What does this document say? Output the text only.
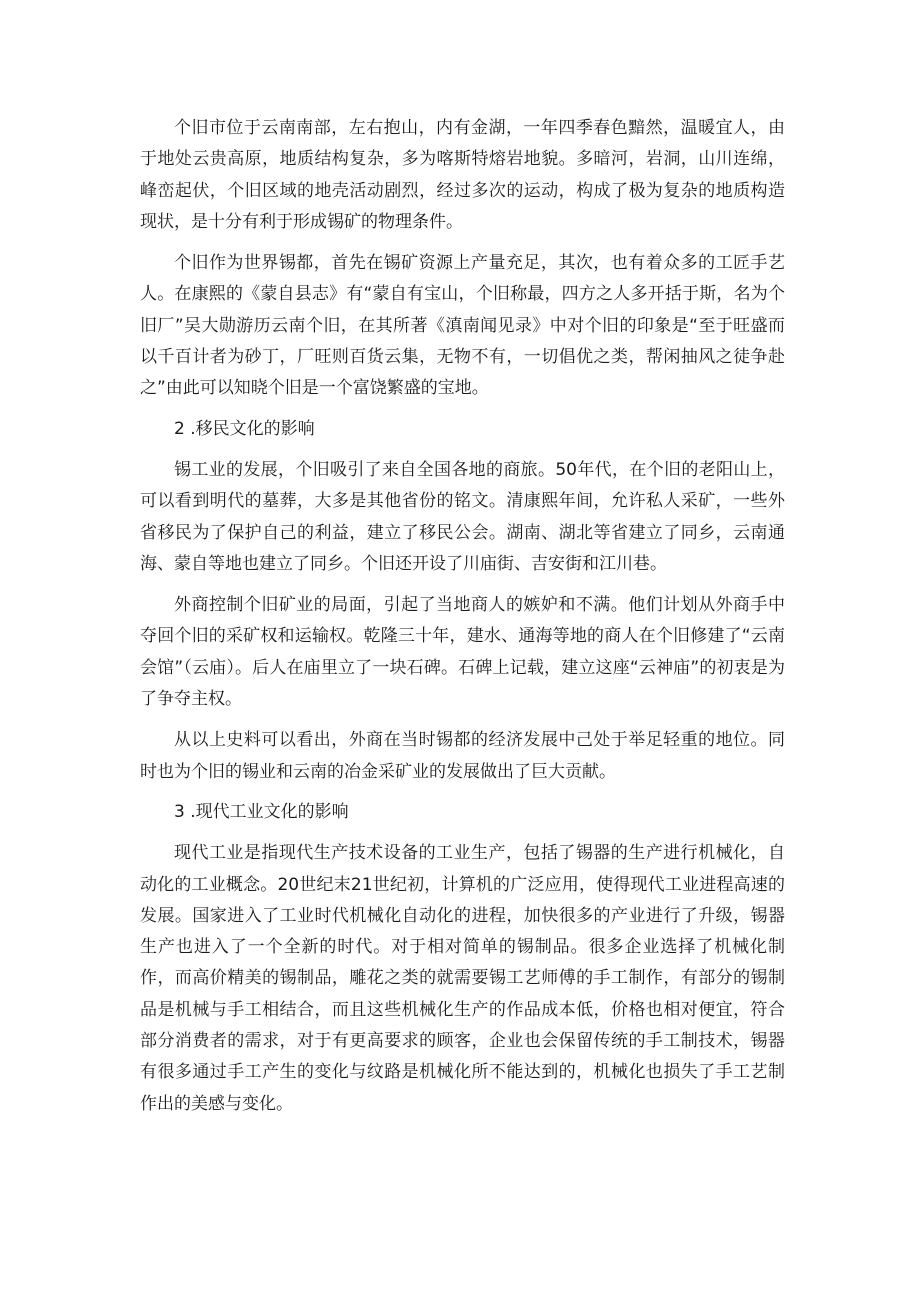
个旧市位于云南南部，左右抱山，内有金湖，一年四季春色黯然，温暖宜人，由于地处云贵高原，地质结构复杂，多为喀斯特熔岩地貌。多暗河，岩洞，山川连绵，峰峦起伏，个旧区域的地壳活动剧烈，经过多次的运动，构成了极为复杂的地质构造现状，是十分有利于形成锡矿的物理条件。

个旧作为世界锡都，首先在锡矿资源上产量充足，其次，也有着众多的工匠手艺人。在康熙的《蒙自县志》有“蒙自有宝山，个旧称最，四方之人多开括于斯，名为个旧厂”吴大勋游历云南个旧，在其所著《滇南闻见录》中对个旧的印象是“至于旺盛而以千百计者为砂丁，厂旺则百货云集，无物不有，一切倡优之类，帮闲抽风之徒争赴之”由此可以知晓个旧是一个富饶繁盛的宝地。

2 .移民文化的影响

锡工业的发展，个旧吸引了来自全国各地的商旅。50年代，在个旧的老阳山上，可以看到明代的墓葬，大多是其他省份的铭文。清康熙年间，允许私人采矿，一些外省移民为了保护自己的利益，建立了移民公会。湖南、湖北等省建立了同乡，云南通海、蒙自等地也建立了同乡。个旧还开设了川庙街、吉安街和江川巷。

外商控制个旧矿业的局面，引起了当地商人的嫉妒和不满。他们计划从外商手中夺回个旧的采矿权和运输权。乾隆三十年，建水、通海等地的商人在个旧修建了“云南会馆”（云庙）。后人在庙里立了一块石碑。石碑上记载，建立这座“云神庙”的初衷是为了争夺主权。

从以上史料可以看出，外商在当时锡都的经济发展中己处于举足轻重的地位。同时也为个旧的锡业和云南的冶金采矿业的发展做出了巨大贡献。

3 .现代工业文化的影响

现代工业是指现代生产技术设备的工业生产，包括了锡器的生产进行机械化，自动化的工业概念。20世纪末21世纪初，计算机的广泛应用，使得现代工业进程高速的发展。国家进入了工业时代机械化自动化的进程，加快很多的产业进行了升级，锡器生产也进入了一个全新的时代。对于相对简单的锡制品。很多企业选择了机械化制作，而高价精美的锡制品，雕花之类的就需要锡工艺师傅的手工制作，有部分的锡制品是机械与手工相结合，而且这些机械化生产的作品成本低，价格也相对便宜，符合部分消费者的需求，对于有更高要求的顾客，企业也会保留传统的手工制技术，锡器有很多通过手工产生的变化与纹路是机械化所不能达到的，机械化也损失了手工艺制作出的美感与变化。
